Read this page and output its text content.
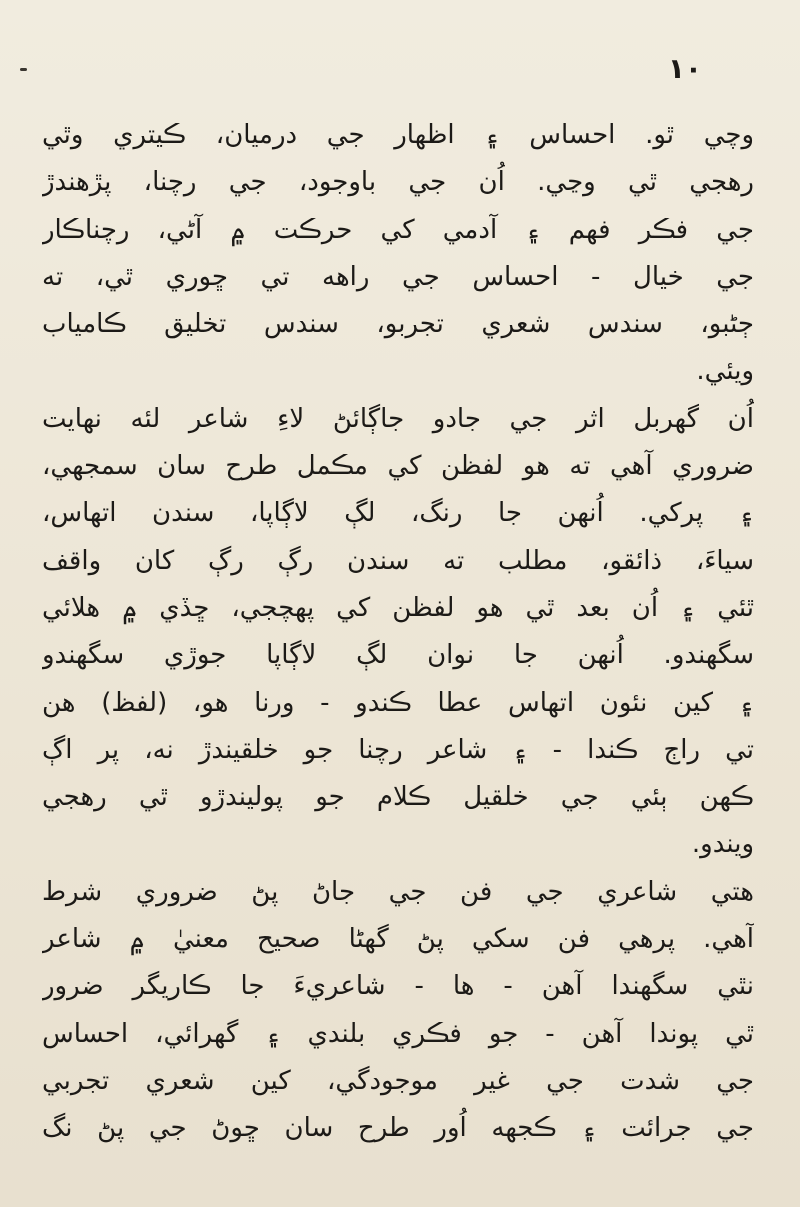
١٠
وچي ٿو. احساس ۽ اظهار جي درميان، ڪيتري وٿي
رهجي ٿي وڃي. اُن جي باوجود، جي رچنا، پڙهندڙ
جي فڪر فهم ۽ آدمي کي حرڪت ۾ آڻي، رچناڪار
جي خيال - احساس جي راهه تي ڇوري ٿي، ته
ڄڻبو، سندس شعري تجربو، سندس تخليق ڪامياب
ويئي.
اُن گهربل اثر جي جادو جاڳائڻ لاءِ شاعر لئه نهايت
ضروري آهي ته هو لفظن کي مڪمل طرح سان سمجهي،
۽ پرکي. اُنهن جا رنگ، لڳ لاڳاپا، سندن اتهاس،
سياءَ، ذائقو، مطلب ته سندن رڳ رڳ کان واقف
ٿئي ۽ اُن بعد ٿي هو لفظن کي پهچجي، ڇڏي ۾ هلائي
سگهندو. اُنهن جا نوان لڳ لاڳاپا جوڙي سگهندو
۽ کين نئون اتهاس عطا ڪندو - ورنا هو، (لفظ) هن
تي راڄ ڪندا - ۽ شاعر رچنا جو خلقيندڙ نه، پر اڳ
ڪهن ٻئي جي خلقيل ڪلام جو پوليندڙو ٿي رهجي
ويندو.
هتي شاعري جي فن جي جاڻ پڻ ضروري شرط
آهي. پرهي فن سکي پڻ گهڻا صحيح معنيٰ ۾ شاعر
نٿي سگهندا آهن - ها - شاعريءَ جا ڪاريگر ضرور
ٿي پوندا آهن - جو فڪري بلندي ۽ گهرائي، احساس
جي شدت جي غير موجودگي، کين شعري تجربي
جي جرائت ۽ ڪجهه اُور طرح سان ڇوڻ جي پڻ نگ
